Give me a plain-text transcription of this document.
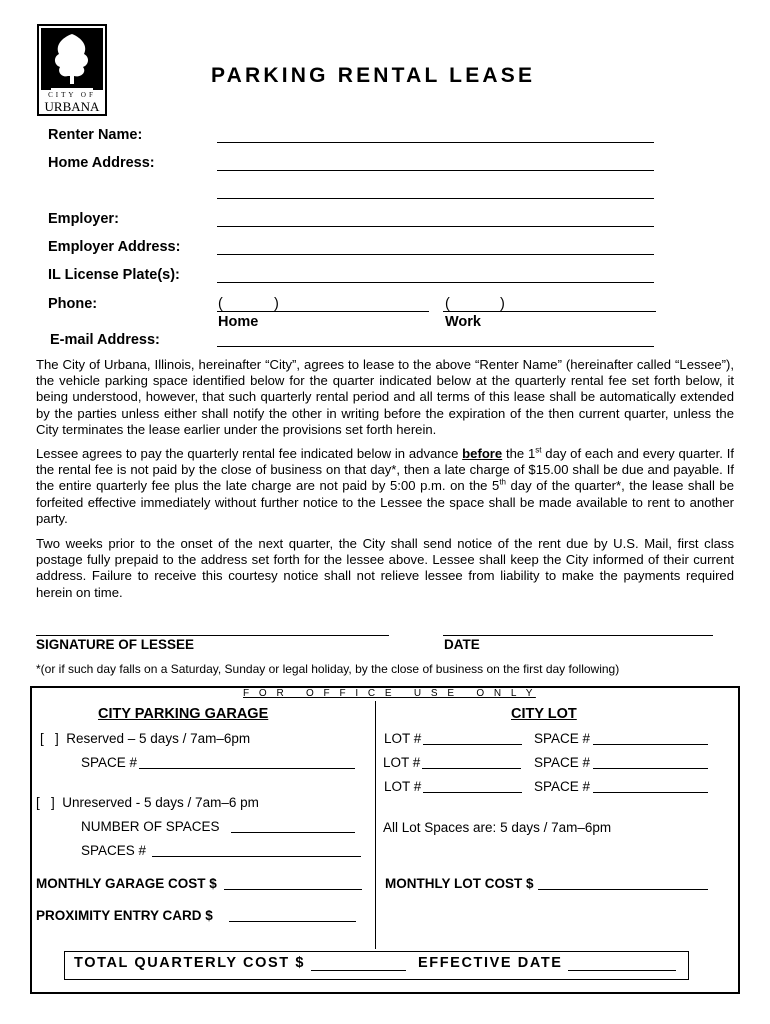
CITY OF
URBANA
PARKING RENTAL LEASE
Renter Name:
Home Address:
Employer:
Employer Address:
IL License Plate(s):
Phone:	(	)	(	)
Home	Work
E-mail Address:
The City of Urbana, Illinois, hereinafter “City”, agrees to lease to the above “Renter Name” (hereinafter called “Lessee”), the vehicle parking space identified below for the quarter indicated below at the quarterly rental fee set forth below, it being understood, however, that such quarterly rental period and all terms of this lease shall be automatically extended by the parties unless either shall notify the other in writing before the expiration of the then current quarter, unless the City terminates the lease earlier under the provisions set forth herein.
Lessee agrees to pay the quarterly rental fee indicated below in advance before the 1st day of each and every quarter. If the rental fee is not paid by the close of business on that day*, then a late charge of $15.00 shall be due and payable. If the entire quarterly fee plus the late charge are not paid by 5:00 p.m. on the 5th day of the quarter*, the lease shall be forfeited effective immediately without further notice to the Lessee the space shall be made available to rent to another party.
Two weeks prior to the onset of the next quarter, the City shall send notice of the rent due by U.S. Mail, first class postage fully prepaid to the address set forth for the lessee above. Lessee shall keep the City informed of their current address. Failure to receive this courtesy notice shall not relieve lessee from liability to make the payments required herein on time.
SIGNATURE OF LESSEE	DATE
*(or if such day falls on a Saturday, Sunday or legal holiday, by the close of business on the first day following)
F O R   O F F I C E   U S E   O N L Y
CITY PARKING GARAGE
[   ]  Reserved – 5 days / 7am–6pm
SPACE #
[   ]  Unreserved - 5 days / 7am–6 pm
NUMBER OF SPACES
SPACES #
MONTHLY GARAGE COST $
PROXIMITY ENTRY CARD $
CITY LOT
LOT #	SPACE #
LOT #	SPACE #
LOT #	SPACE #
All Lot Spaces are: 5 days / 7am–6pm
MONTHLY LOT COST $
TOTAL QUARTERLY COST $	EFFECTIVE DATE
